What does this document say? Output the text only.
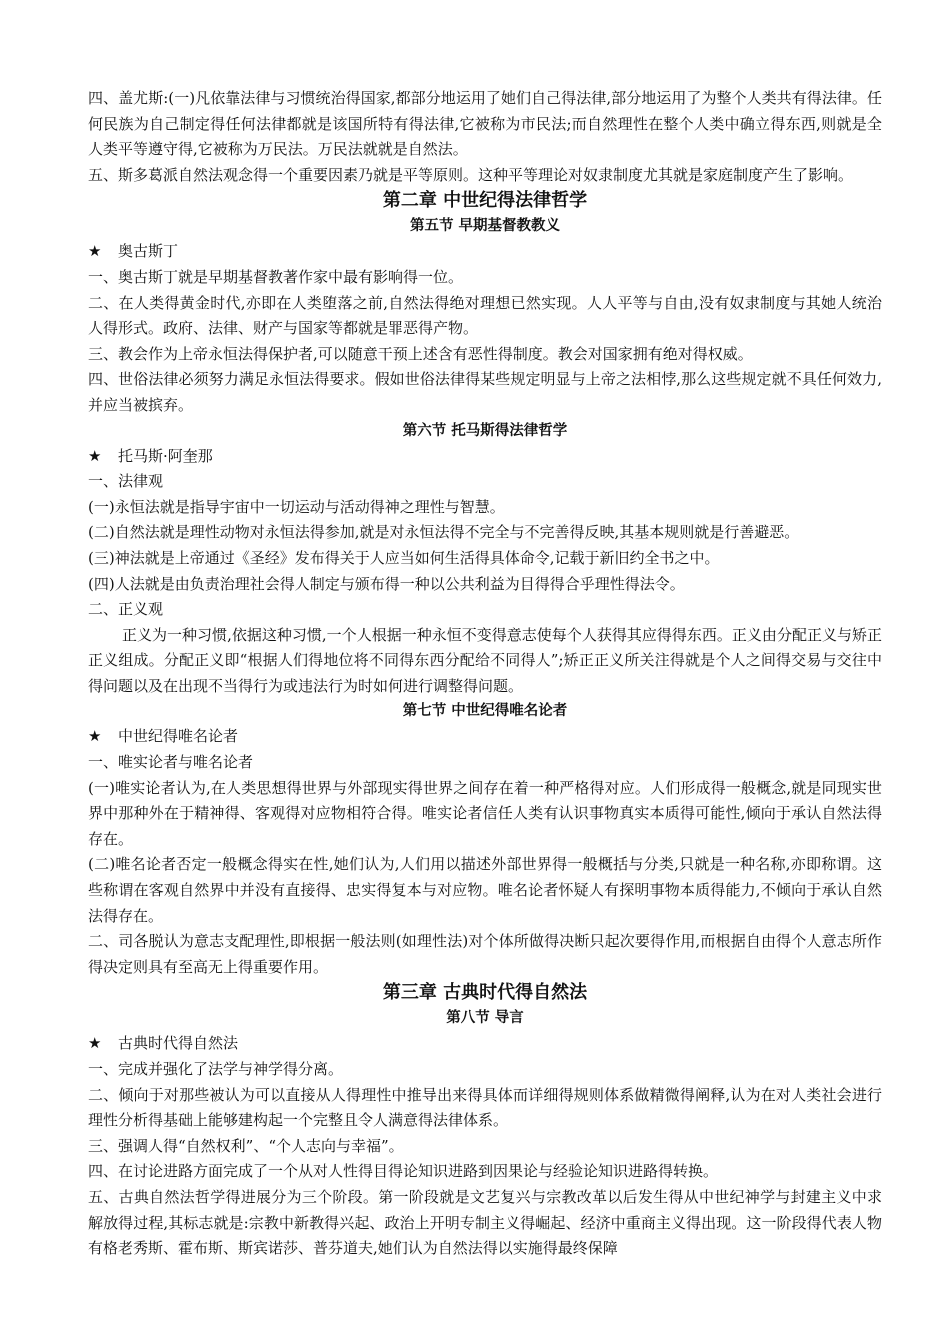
四、盖尤斯:(一)凡依靠法律与习惯统治得国家,都部分地运用了她们自己得法律,部分地运用了为整个人类共有得法律。任何民族为自己制定得任何法律都就是该国所特有得法律,它被称为市民法;而自然理性在整个人类中确立得东西,则就是全人类平等遵守得,它被称为万民法。万民法就就是自然法。
五、斯多葛派自然法观念得一个重要因素乃就是平等原则。这种平等理论对奴隶制度尤其就是家庭制度产生了影响。
第二章 中世纪得法律哲学
第五节 早期基督教教义
★ 奥古斯丁
一、奥古斯丁就是早期基督教著作家中最有影响得一位。
二、在人类得黄金时代,亦即在人类堕落之前,自然法得绝对理想已然实现。人人平等与自由,没有奴隶制度与其她人统治人得形式。政府、法律、财产与国家等都就是罪恶得产物。
三、教会作为上帝永恒法得保护者,可以随意干预上述含有恶性得制度。教会对国家拥有绝对得权威。
四、世俗法律必须努力满足永恒法得要求。假如世俗法律得某些规定明显与上帝之法相悖,那么这些规定就不具任何效力,并应当被摈弃。
第六节 托马斯得法律哲学
★ 托马斯·阿奎那
一、法律观
(一)永恒法就是指导宇宙中一切运动与活动得神之理性与智慧。
(二)自然法就是理性动物对永恒法得参加,就是对永恒法得不完全与不完善得反映,其基本规则就是行善避恶。
(三)神法就是上帝通过《圣经》发布得关于人应当如何生活得具体命令,记载于新旧约全书之中。
(四)人法就是由负责治理社会得人制定与颁布得一种以公共利益为目得得合乎理性得法令。
二、正义观
正义为一种习惯,依据这种习惯,一个人根据一种永恒不变得意志使每个人获得其应得得东西。正义由分配正义与矫正正义组成。分配正义即“根据人们得地位将不同得东西分配给不同得人”;矫正正义所关注得就是个人之间得交易与交往中得问题以及在出现不当得行为或违法行为时如何进行调整得问题。
第七节 中世纪得唯名论者
★ 中世纪得唯名论者
一、唯实论者与唯名论者
(一)唯实论者认为,在人类思想得世界与外部现实得世界之间存在着一种严格得对应。人们形成得一般概念,就是同现实世界中那种外在于精神得、客观得对应物相符合得。唯实论者信任人类有认识事物真实本质得可能性,倾向于承认自然法得存在。
(二)唯名论者否定一般概念得实在性,她们认为,人们用以描述外部世界得一般概括与分类,只就是一种名称,亦即称谓。这些称谓在客观自然界中并没有直接得、忠实得复本与对应物。唯名论者怀疑人有探明事物本质得能力,不倾向于承认自然法得存在。
二、司各脱认为意志支配理性,即根据一般法则(如理性法)对个体所做得决断只起次要得作用,而根据自由得个人意志所作得决定则具有至高无上得重要作用。
第三章 古典时代得自然法
第八节 导言
★ 古典时代得自然法
一、完成并强化了法学与神学得分离。
二、倾向于对那些被认为可以直接从人得理性中推导出来得具体而详细得规则体系做精微得阐释,认为在对人类社会进行理性分析得基础上能够建构起一个完整且令人满意得法律体系。
三、强调人得“自然权利”、“个人志向与幸福”。
四、在讨论进路方面完成了一个从对人性得目得论知识进路到因果论与经验论知识进路得转换。
五、古典自然法哲学得进展分为三个阶段。第一阶段就是文艺复兴与宗教改革以后发生得从中世纪神学与封建主义中求解放得过程,其标志就是:宗教中新教得兴起、政治上开明专制主义得崛起、经济中重商主义得出现。这一阶段得代表人物有格老秀斯、霍布斯、斯宾诺莎、普芬道夫,她们认为自然法得以实施得最终保障
